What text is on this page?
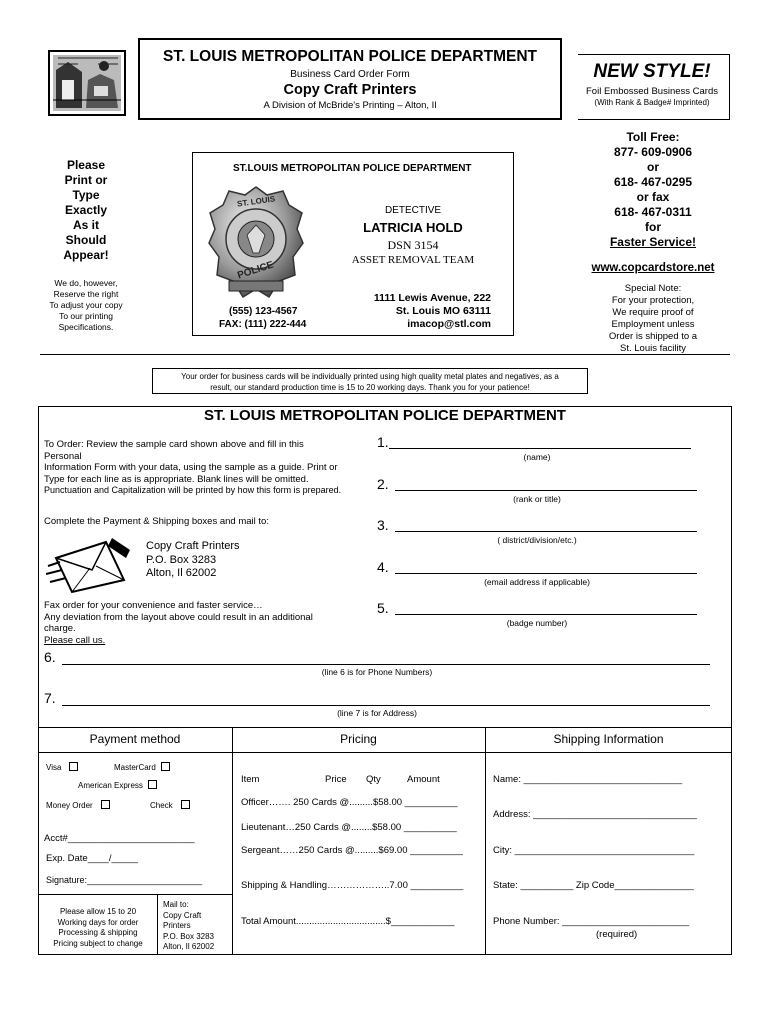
ST. LOUIS METROPOLITAN POLICE DEPARTMENT
Business Card Order Form
Copy Craft Printers
A Division of McBride's Printing – Alton, Il
NEW STYLE!
Foil Embossed Business Cards
(With Rank & Badge# Imprinted)
Please
Print or
Type
Exactly
As it
Should
Appear!
We do, however,
Reserve the right
To adjust your copy
To our printing
Specifications.
ST.LOUIS METROPOLITAN POLICE DEPARTMENT
ST. LOUIS
POLICE
DETECTIVE
LATRICIA HOLD
DSN 3154
ASSET REMOVAL TEAM
(555) 123-4567
FAX: (111) 222-444
1111 Lewis Avenue, 222
St. Louis MO 63111
imacop@stl.com
Toll Free:
877- 609-0906
or
618- 467-0295
or fax
618- 467-0311
for
Faster Service!
www.copcardstore.net
Special Note:
For your protection,
We require proof of
Employment unless
Order is shipped to a
St. Louis facility
Your order for business cards will be individually printed using high quality metal plates and negatives, as a
result, our standard production time is 15 to 20 working days. Thank you for your patience!
ST. LOUIS METROPOLITAN POLICE DEPARTMENT
To Order: Review the sample card shown above and fill in this
Personal
Information Form with your data, using the sample as a guide. Print or
Type for each line as is appropriate. Blank lines will be omitted.
Punctuation and Capitalization will be printed by how this form is prepared.
Complete the Payment & Shipping boxes and mail to:
Copy Craft Printers
P.O. Box 3283
Alton, Il 62002
Fax order for your convenience and faster service…
Any deviation from the layout above could result in an additional
charge.
Please call us.
1.
(name)
2.
(rank or title)
3.
( district/division/etc.)
4.
(email address if applicable)
5.
(badge number)
6.
(line 6 is for Phone Numbers)
7.
(line 7 is for Address)
Payment method	Pricing	Shipping Information
Visa	MasterCard
American Express
Money Order	Check
Acct#________________________
Exp. Date____/_____
Signature:_______________________
Please allow 15 to 20
Working days for order
Processing & shipping
Pricing subject to change
Mail to:
Copy Craft
Printers
P.O. Box 3283
Alton, Il 62002
Item	Price Qty	Amount
Officer……. 250 Cards @.........$58.00 __________
Lieutenant…250 Cards @........$58.00 __________
Sergeant……250 Cards @.........$69.00 __________
Shipping & Handling………………..7.00 __________
Total Amount..................................$____________
Name: ______________________________
Address: _______________________________
City: __________________________________
State: __________ Zip Code_______________
Phone Number: ________________________
(required)
